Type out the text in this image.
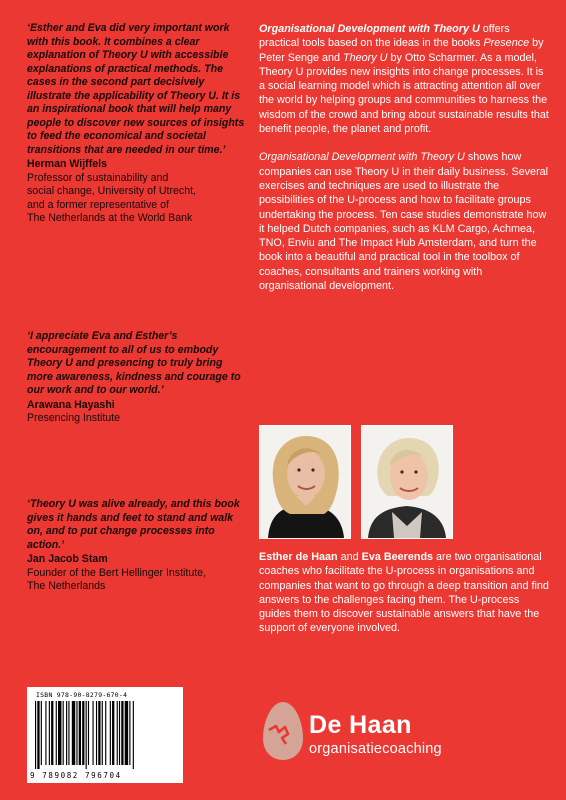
‘Esther and Eva did very important work with this book. It combines a clear explanation of Theory U with accessible explanations of practical methods. The cases in the second part decisively illustrate the applicability of Theory U. It is an inspirational book that will help many people to discover new sources of insights to feed the economical and societal transitions that are needed in our time.’

Herman Wijffels
Professor of sustainability and
social change, University of Utrecht,
and a former representative of
The Netherlands at the World Bank

‘I appreciate Eva and Esther’s encouragement to all of us to embody Theory U and presencing to truly bring more awareness, kindness and courage to our work and to our world.’

Arawana Hayashi
Presencing Institute

‘Theory U was alive already, and this book gives it hands and feet to stand and walk on, and to put change processes into action.’

Jan Jacob Stam
Founder of the Bert Hellinger Institute,
The Netherlands

Organisational Development with Theory U offers practical tools based on the ideas in the books Presence by Peter Senge and Theory U by Otto Scharmer. As a model, Theory U provides new insights into change processes. It is a social learning model which is attracting attention all over the world by helping groups and communities to harness the wisdom of the crowd and bring about sustainable results that benefit people, the planet and profit.

Organisational Development with Theory U shows how companies can use Theory U in their daily business. Several exercises and techniques are used to illustrate the possibilities of the U-process and how to facilitate groups undertaking the process. Ten case studies demonstrate how it helped Dutch companies, such as KLM Cargo, Achmea, TNO, Enviu and The Impact Hub Amsterdam, and turn the book into a beautiful and practical tool in the toolbox of coaches, consultants and trainers working with organisational development.

Esther de Haan and Eva Beerends are two organisational coaches who facilitate the U-process in organisations and companies that want to go through a deep transition and find answers to the challenges facing them. The U-process guides them to discover sustainable answers that have the support of everyone involved.

ISBN 978-90-8279-670-4
9 789082 796704
De Haan
organisatiecoaching
